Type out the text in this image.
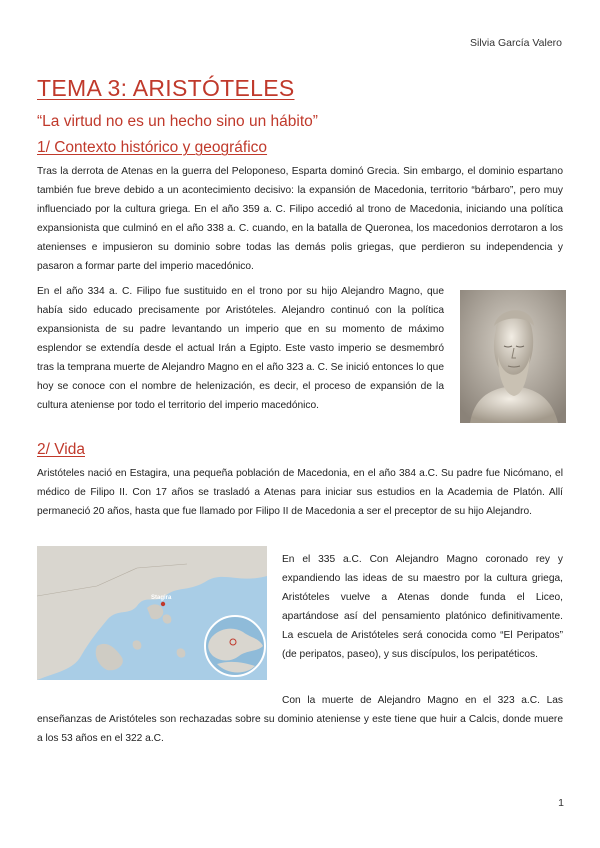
Silvia García Valero
TEMA 3: ARISTÓTELES
“La virtud no es un hecho sino un hábito”
1/ Contexto histórico y geográfico

Tras la derrota de Atenas en la guerra del Peloponeso, Esparta dominó Grecia. Sin embargo, el dominio espartano también fue breve debido a un acontecimiento decisivo: la expansión de Macedonia, territorio “bárbaro”, pero muy influenciado por la cultura griega. En el año 359 a. C. Filipo accedió al trono de Macedonia, iniciando una política expansionista que culminó en el año 338 a. C. cuando, en la batalla de Queronea, los macedonios derrotaron a los atenienses e impusieron su dominio sobre todas las demás polis griegas, que perdieron su independencia y pasaron a formar parte del imperio macedónico.

En el año 334 a. C. Filipo fue sustituido en el trono por su hijo Alejandro Magno, que había sido educado precisamente por Aristóteles. Alejandro continuó con la política expansionista de su padre levantando un imperio que en su momento de máximo esplendor se extendía desde el actual Irán a Egipto. Este vasto imperio se desmembró tras la temprana muerte de Alejandro Magno en el año 323 a. C. Se inició entonces lo que hoy se conoce con el nombre de helenización, es decir, el proceso de expansión de la cultura ateniense por todo el territorio del imperio macedónico.

2/ Vida

Aristóteles nació en Estagira, una pequeña población de Macedonia, en el año 384 a.C. Su padre fue Nicómano, el médico de Filipo II. Con 17 años se trasladó a Atenas para iniciar sus estudios en la Academia de Platón. Allí permaneció 20 años, hasta que fue llamado por Filipo II de Macedonia a ser el preceptor de su hijo Alejandro.

Stagira

En el 335 a.C. Con Alejandro Magno coronado rey y expandiendo las ideas de su maestro por la cultura griega, Aristóteles vuelve a Atenas donde funda el Liceo, apartándose así del pensamiento platónico definitivamente. La escuela de Aristóteles será conocida como “El Peripatos” (de peripatos, paseo), y sus discípulos, los peripatéticos.

Con la muerte de Alejandro Magno en el 323 a.C. Las enseñanzas de Aristóteles son rechazadas sobre su dominio ateniense y este tiene que huir a Calcis, donde muere a los 53 años en el 322 a.C.

1
